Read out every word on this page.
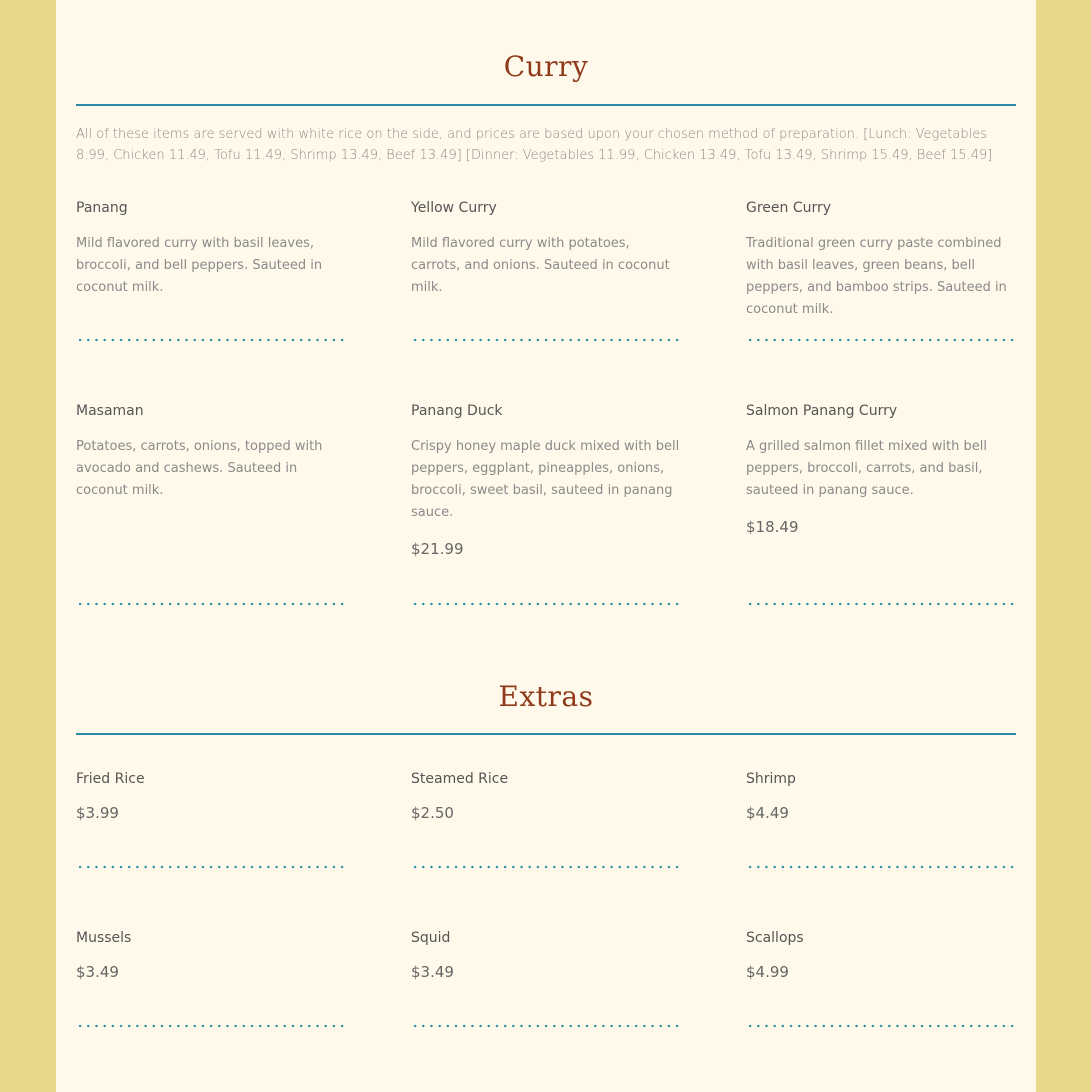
Curry
All of these items are served with white rice on the side, and prices are based upon your chosen method of preparation. [Lunch: Vegetables 8.99, Chicken 11.49, Tofu 11.49, Shrimp 13.49, Beef 13.49] [Dinner: Vegetables 11.99, Chicken 13.49, Tofu 13.49, Shrimp 15.49, Beef 15.49]
Panang
Mild flavored curry with basil leaves, broccoli, and bell peppers. Sauteed in coconut milk.
Yellow Curry
Mild flavored curry with potatoes, carrots, and onions. Sauteed in coconut milk.
Green Curry
Traditional green curry paste combined with basil leaves, green beans, bell peppers, and bamboo strips. Sauteed in coconut milk.
Masaman
Potatoes, carrots, onions, topped with avocado and cashews. Sauteed in coconut milk.
Panang Duck
Crispy honey maple duck mixed with bell peppers, eggplant, pineapples, onions, broccoli, sweet basil, sauteed in panang sauce.
$21.99
Salmon Panang Curry
A grilled salmon fillet mixed with bell peppers, broccoli, carrots, and basil, sauteed in panang sauce.
$18.49
Extras
Fried Rice
$3.99
Steamed Rice
$2.50
Shrimp
$4.49
Mussels
$3.49
Squid
$3.49
Scallops
$4.99
